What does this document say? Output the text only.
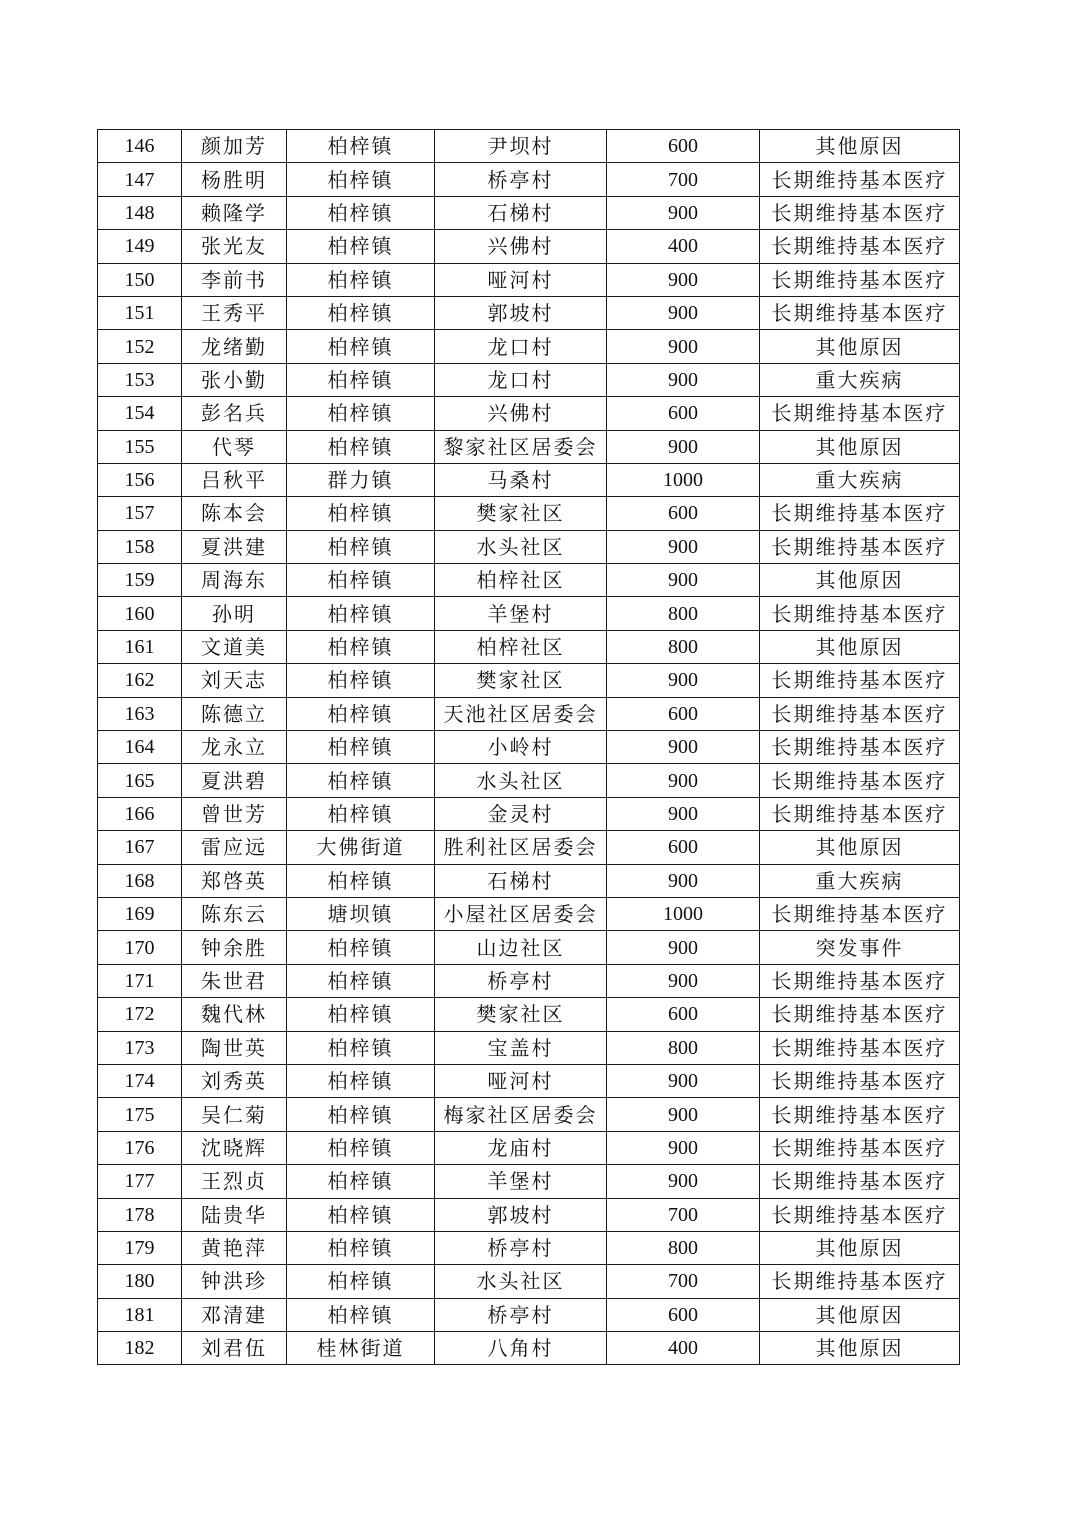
146	颜加芳	柏梓镇	尹坝村	600	其他原因
147	杨胜明	柏梓镇	桥亭村	700	长期维持基本医疗
148	赖隆学	柏梓镇	石梯村	900	长期维持基本医疗
149	张光友	柏梓镇	兴佛村	400	长期维持基本医疗
150	李前书	柏梓镇	哑河村	900	长期维持基本医疗
151	王秀平	柏梓镇	郭坡村	900	长期维持基本医疗
152	龙绪勤	柏梓镇	龙口村	900	其他原因
153	张小勤	柏梓镇	龙口村	900	重大疾病
154	彭名兵	柏梓镇	兴佛村	600	长期维持基本医疗
155	代琴	柏梓镇	黎家社区居委会	900	其他原因
156	吕秋平	群力镇	马桑村	1000	重大疾病
157	陈本会	柏梓镇	樊家社区	600	长期维持基本医疗
158	夏洪建	柏梓镇	水头社区	900	长期维持基本医疗
159	周海东	柏梓镇	柏梓社区	900	其他原因
160	孙明	柏梓镇	羊堡村	800	长期维持基本医疗
161	文道美	柏梓镇	柏梓社区	800	其他原因
162	刘天志	柏梓镇	樊家社区	900	长期维持基本医疗
163	陈德立	柏梓镇	天池社区居委会	600	长期维持基本医疗
164	龙永立	柏梓镇	小岭村	900	长期维持基本医疗
165	夏洪碧	柏梓镇	水头社区	900	长期维持基本医疗
166	曾世芳	柏梓镇	金灵村	900	长期维持基本医疗
167	雷应远	大佛街道	胜利社区居委会	600	其他原因
168	郑啓英	柏梓镇	石梯村	900	重大疾病
169	陈东云	塘坝镇	小屋社区居委会	1000	长期维持基本医疗
170	钟余胜	柏梓镇	山边社区	900	突发事件
171	朱世君	柏梓镇	桥亭村	900	长期维持基本医疗
172	魏代林	柏梓镇	樊家社区	600	长期维持基本医疗
173	陶世英	柏梓镇	宝盖村	800	长期维持基本医疗
174	刘秀英	柏梓镇	哑河村	900	长期维持基本医疗
175	吴仁菊	柏梓镇	梅家社区居委会	900	长期维持基本医疗
176	沈晓辉	柏梓镇	龙庙村	900	长期维持基本医疗
177	王烈贞	柏梓镇	羊堡村	900	长期维持基本医疗
178	陆贵华	柏梓镇	郭坡村	700	长期维持基本医疗
179	黄艳萍	柏梓镇	桥亭村	800	其他原因
180	钟洪珍	柏梓镇	水头社区	700	长期维持基本医疗
181	邓清建	柏梓镇	桥亭村	600	其他原因
182	刘君伍	桂林街道	八角村	400	其他原因
